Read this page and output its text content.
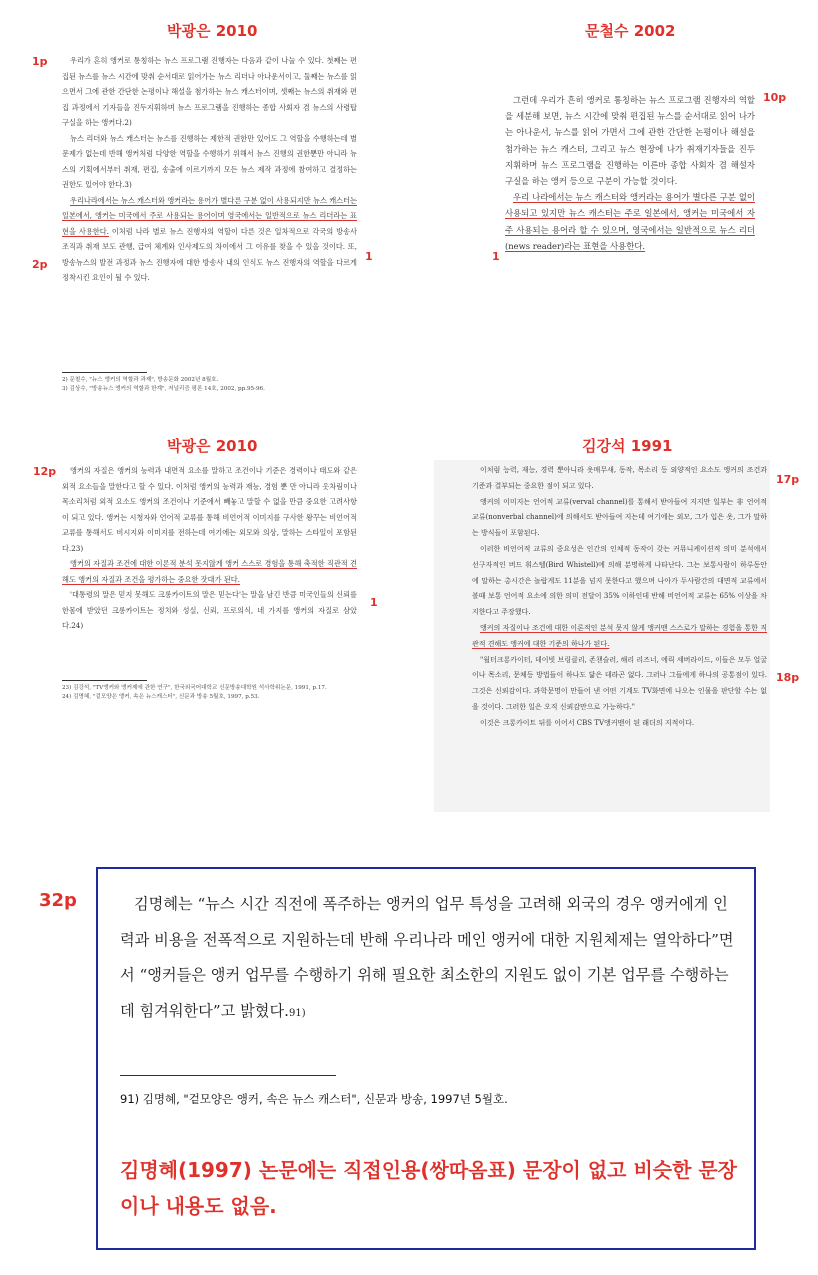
박광은 2010	문철수 2002
1p
2p
10p
1	1

우리가 흔히 앵커로 통칭하는 뉴스 프로그램 진행자는 다음과 같이 나눌 수 있다. 첫째는 편집된 뉴스를 뉴스 시간에 맞춰 순서대로 읽어가는 뉴스 리더나 아나운서이고, 둘째는 뉴스를 읽으면서 그에 관한 간단한 논평이나 해설을 첨가하는 뉴스 캐스터이며, 셋째는 뉴스의 취재와 편집 과정에서 기자들을 진두지휘하며 뉴스 프로그램을 진행하는 종합 사회자 겸 뉴스의 사령탑 구실을 하는 앵커다.2)

뉴스 리더와 뉴스 캐스터는 뉴스를 진행하는 제한적 권한만 있어도 그 역할을 수행하는데 별 문제가 없는데 반해 앵커처럼 다양한 역할을 수행하기 위해서 뉴스 진행의 권한뿐만 아니라 뉴스의 기획에서부터 취재, 편집, 송출에 이르기까지 모든 뉴스 제작 과정에 참여하고 결정하는 권한도 있어야 한다.3)

우리나라에서는 뉴스 캐스터와 앵커라는 용어가 별다른 구분 없이 사용되지만 뉴스 캐스터는 일본에서, 앵커는 미국에서 주로 사용되는 용어이며 영국에서는 일반적으로 뉴스 리더라는 표현을 사용한다. 이처럼 나라 별로 뉴스 진행자의 역할이 다른 것은 일차적으로 각국의 방송사 조직과 취재 보도 관행, 급여 체계와 인사제도의 차이에서 그 이유를 찾을 수 있을 것이다. 또, 방송뉴스의 발전 과정과 뉴스 진행자에 대한 방송사 내의 인식도 뉴스 진행자의 역할을 다르게 정착시킨 요인이 될 수 있다.

2) 문철수, "뉴스 앵커의 역할과 과제", 방송문화 2002년 8월호.
3) 김상수, "방송뉴스 앵커의 역할과 한계", 저널리즘 평론 14호, 2002, pp.95-96.

그런데 우리가 흔히 앵커로 통칭하는 뉴스 프로그램 진행자의 역할을 세분해 보면, 뉴스 시간에 맞춰 편집된 뉴스를 순서대로 읽어 나가는 아나운서, 뉴스를 읽어 가면서 그에 관한 간단한 논평이나 해설을 첨가하는 뉴스 캐스터, 그리고 뉴스 현장에 나가 취재기자들을 진두지휘하며 뉴스 프로그램을 진행하는 이른바 종합 사회자 겸 해설자 구실을 하는 앵커 등으로 구분이 가능할 것이다.

우리 나라에서는 뉴스 캐스터와 앵커라는 용어가 별다른 구분 없이 사용되고 있지만 뉴스 캐스터는 주로 일본에서, 앵커는 미국에서 자주 사용되는 용어라 할 수 있으며, 영국에서는 일반적으로 뉴스 리더(news reader)라는 표현을 사용한다.

박광은 2010	김강석 1991
12p
17p
18p
1

앵커의 자질은 앵커의 능력과 내면적 요소를 말하고 조건이나 기준은 경력이나 태도와 같은 외적 요소들을 말한다고 할 수 있다. 이처럼 앵커의 능력과 재능, 경험 뿐 만 아니라 옷차림이나 목소리처럼 외적 요소도 앵커의 조건이나 기준에서 빼놓고 말할 수 없을 만큼 중요한 고려사항이 되고 있다. 앵커는 시청자와 언어적 교류를 통해 비언어적 이미지를 구사한 왕꾸는 비언어적 교류를 통해서도 비시지와 이미지를 전하는데 여기에는 외모와 의상, 말하는 스타일이 포함된다.23)

앵커의 자질과 조건에 대한 이론적 분석 못지않게 앵커 스스로 경험을 통해 축적한 직관적 견해도 앵커의 자질과 조건을 평가하는 중요한 잣대가 된다.

'대통령의 말은 믿지 못해도 크롱카이트의 말은 믿는다'는 말을 남긴 반큼 미국인들의 신뢰를 한몸에 받았던 크롱카이트는 정치와 성실, 신뢰, 프로의식, 네 가지를 앵커의 자질로 삼았다.24)

23) 김강석, "TV앵커와 앵커제에 관한 연구", 한국외국어대학교 신문방송대학원 석사학위논문, 1991, p.17.
24) 김명혜, "겉모양은 앵커, 속은 뉴스캐스터", 신문과 방송 5월호, 1997, p.53.

이처럼 능력, 재능, 경력 뿐아니라 옷매무새, 동작, 목소리 등 외양적인 요소도 앵커의 조건과 기준과 결부되는 중요한 점이 되고 있다.

앵커의 이미지는 언어적 교류(verval channel)를 통해서 받아들여 지지만 일부는 非 언어적 교류(nonverbal channel)에 의해서도 받아들여 지는데 여기에는 외모, 그가 입은 옷, 그가 말하는 방식들이 포함된다.

이러한 비언어적 교류의 중요성은 인간의 인체적 동작이 갖는 커뮤니케이션적 의미 분석에서 선구자적인 버드 휘스텔(Bird Whistell)에 의해 분명하게 나타난다. 그는 보통사람이 하루동안에 말하는 총시간은 놀랍게도 11분을 넘지 못한다고 했으며 나아가 두사람간의 대면적 교류에서 볼때 보통 언어적 요소에 의한 의미 전달이 35% 이하인데 반해 비언어적 교류는 65% 이상을 차지한다고 주장했다.

앵커의 자질이나 조건에 대한 이론적인 분석 못지 않게 앵커맨 스스로가 말하는 경험을 통한 직관적 견해도 앵커에 대한 기준의 하나가 된다.

"월터크롱카이터, 데이빗 브링클리, 존챈슬러, 해리 리즈너, 에릭 세버라이드, 이들은 모두 얼굴이나 목소리, 문체등 방법들이 하나도 닮은 데라곤 없다. 그러나 그들에게 하나의 공통점이 있다. 그것은 신뢰감이다. 과학문명이 만들어 낸 어떤 기계도 TV화면에 나오는 인물을 판단할 수는 없을 것이다. 그러한 일은 오직 신뢰감만으로 가능하다."

이것은 크롱카이트 뒤를 이어서 CBS TV앵커맨이 된 래더의 지적이다.

32p	김명혜는 “뉴스 시간 직전에 폭주하는 앵커의 업무 특성을 고려해 외국의 경우 앵커에게 인력과 비용을 전폭적으로 지원하는데 반해 우리나라 메인 앵커에 대한 지원체제는 열악하다”면서 “앵커들은 앵커 업무를 수행하기 위해 필요한 최소한의 지원도 없이 기본 업무를 수행하는데 힘겨워한다”고 밝혔다.91)
91) 김명혜, "겉모양은 앵커, 속은 뉴스 캐스터", 신문과 방송, 1997년 5월호.
김명혜(1997) 논문에는 직접인용(쌍따옴표) 문장이 없고 비슷한 문장이나 내용도 없음.
